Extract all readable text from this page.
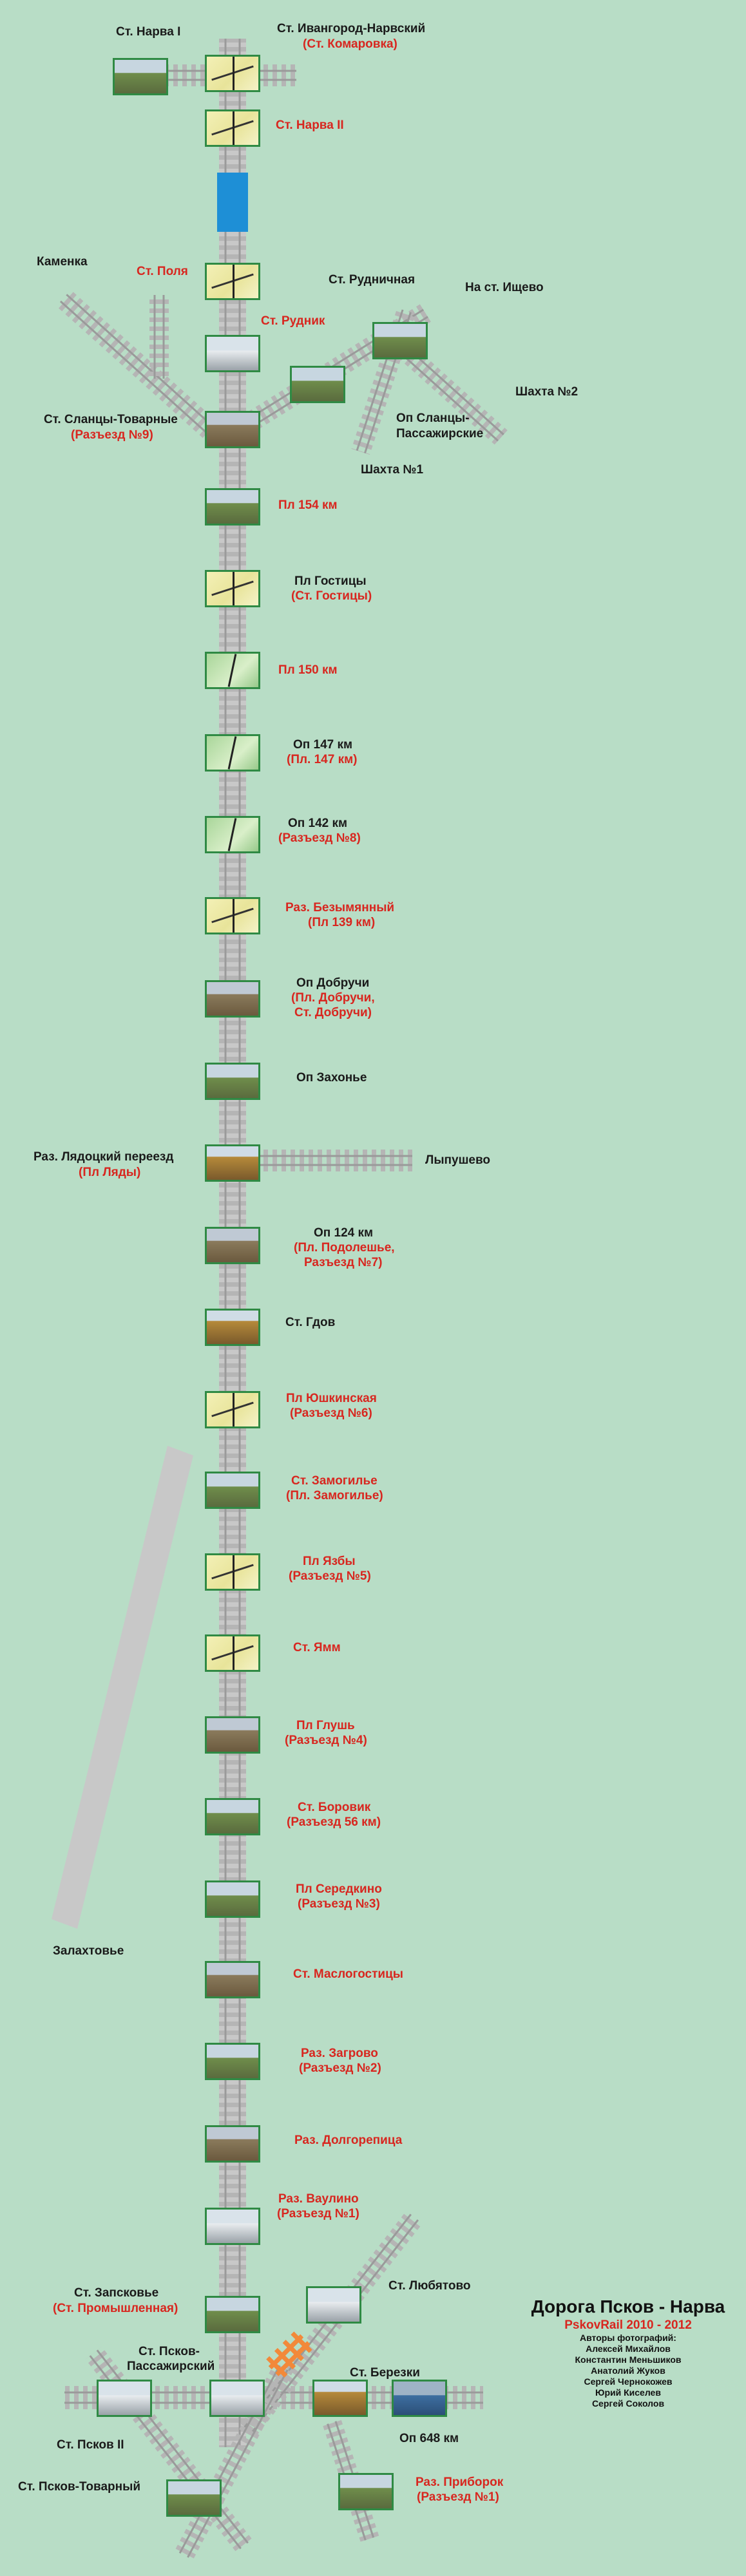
Ст. Нарва I	Ст. Ивангород-Нарвский
(Ст. Комаровка)
Ст. Нарва II
Каменка
Ст. Поля
Ст. Рудничная
На ст. Ищево
Ст. Рудник
Шахта №2
Ст. Сланцы-Товарные
(Разъезд №9)
Оп Сланцы-
Пассажирские
Шахта №1
Пл 154 км
Пл Гостицы
(Ст. Гостицы)
Пл 150 км
Оп 147 км
(Пл. 147 км)
Оп 142 км
(Разъезд №8)
Раз. Безымянный
(Пл 139 км)
Оп Добручи
(Пл. Добручи,
Ст. Добручи)
Оп Захонье
Раз. Лядоцкий переезд
(Пл Ляды)
Лыпушево
Оп 124 км
(Пл. Подолешье,
Разъезд №7)
Ст. Гдов
Пл Юшкинская
(Разъезд №6)
Ст. Замогилье
(Пл. Замогилье)
Пл Язбы
(Разъезд №5)
Ст. Ямм
Пл Глушь
(Разъезд №4)
Ст. Боровик
(Разъезд 56 км)
Пл Середкино
(Разъезд №3)
Залахтовье
Ст. Маслогостицы
Раз. Загрово
(Разъезд №2)
Раз. Долгорепица
Раз. Ваулино
(Разъезд №1)
Ст. Запсковье
(Ст. Промышленная)
Ст. Любятово
Ст. Псков-
Пассажирский	Ст. Березки
Ст. Псков II	Оп 648 км
Ст. Псков-Товарный	Раз. Приборок
(Разъезд №1)
Дорога Псков - Нарва
PskovRail 2010 - 2012
Авторы фотографий:
Алексей Михайлов
Константин Меньшиков
Анатолий Жуков
Сергей Чернокожев
Юрий Киселев
Сергей Соколов
